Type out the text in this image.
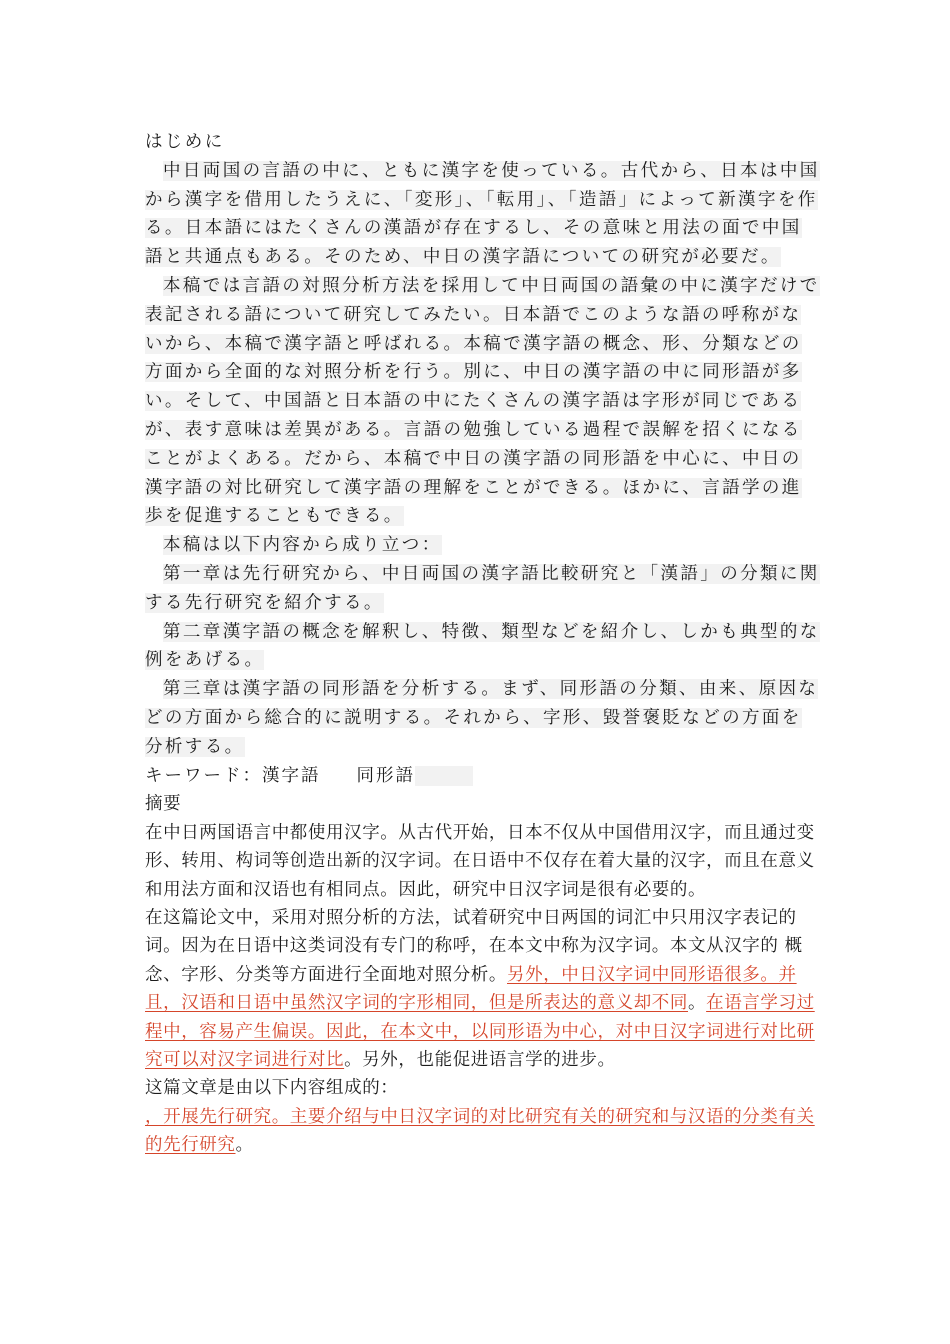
はじめに

中日両国の言語の中に、ともに漢字を使っている。古代から、日本は中国から漢字を借用したうえに、「変形」、「転用」、「造語」によって新漢字を作る。日本語にはたくさんの漢語が存在するし、その意味と用法の面で中国語と共通点もある。そのため、中日の漢字語についての研究が必要だ。

本稿では言語の対照分析方法を採用して中日両国の語彙の中に漢字だけで表記される語について研究してみたい。日本語でこのような語の呼称がないから、本稿で漢字語と呼ばれる。本稿で漢字語の概念、形、分類などの方面から全面的な対照分析を行う。別に、中日の漢字語の中に同形語が多い。そして、中国語と日本語の中にたくさんの漢字語は字形が同じであるが、表す意味は差異がある。言語の勉強している過程で誤解を招くになることがよくある。だから、本稿で中日の漢字語の同形語を中心に、中日の漢字語の対比研究して漢字語の理解をことができる。ほかに、言語学の進歩を促進することもできる。

本稿は以下内容から成り立つ：

第一章は先行研究から、中日両国の漢字語比較研究と「漢語」の分類に関する先行研究を紹介する。

第二章漢字語の概念を解釈し、特徴、類型などを紹介し、しかも典型的な例をあげる。

第三章は漢字語の同形語を分析する。まず、同形語の分類、由来、原因などの方面から総合的に説明する。それから、字形、毀誉褒貶などの方面を分析する。

キーワード：漢字語 同形語

摘要

在中日两国语言中都使用汉字。从古代开始，日本不仅从中国借用汉字，而且通过变形、转用、构词等创造出新的汉字词。在日语中不仅存在着大量的汉字，而且在意义和用法方面和汉语也有相同点。因此，研究中日汉字词是很有必要的。

在这篇论文中，采用对照分析的方法，试着研究中日两国的词汇中只用汉字表记的词。因为在日语中这类词没有专门的称呼，在本文中称为汉字词。本文从汉字的 概念、字形、分类等方面进行全面地对照分析。另外，中日汉字词中同形语很多。并且，汉语和日语中虽然汉字词的字形相同，但是所表达的意义却不同。在语言学习过程中，容易产生偏误。因此，在本文中，以同形语为中心，对中日汉字词进行对比研究可以对汉字词进行对比。另外，也能促进语言学的进步。

这篇文章是由以下内容组成的：

，开展先行研究。主要介绍与中日汉字词的对比研究有关的研究和与汉语的分类有关的先行研究。
